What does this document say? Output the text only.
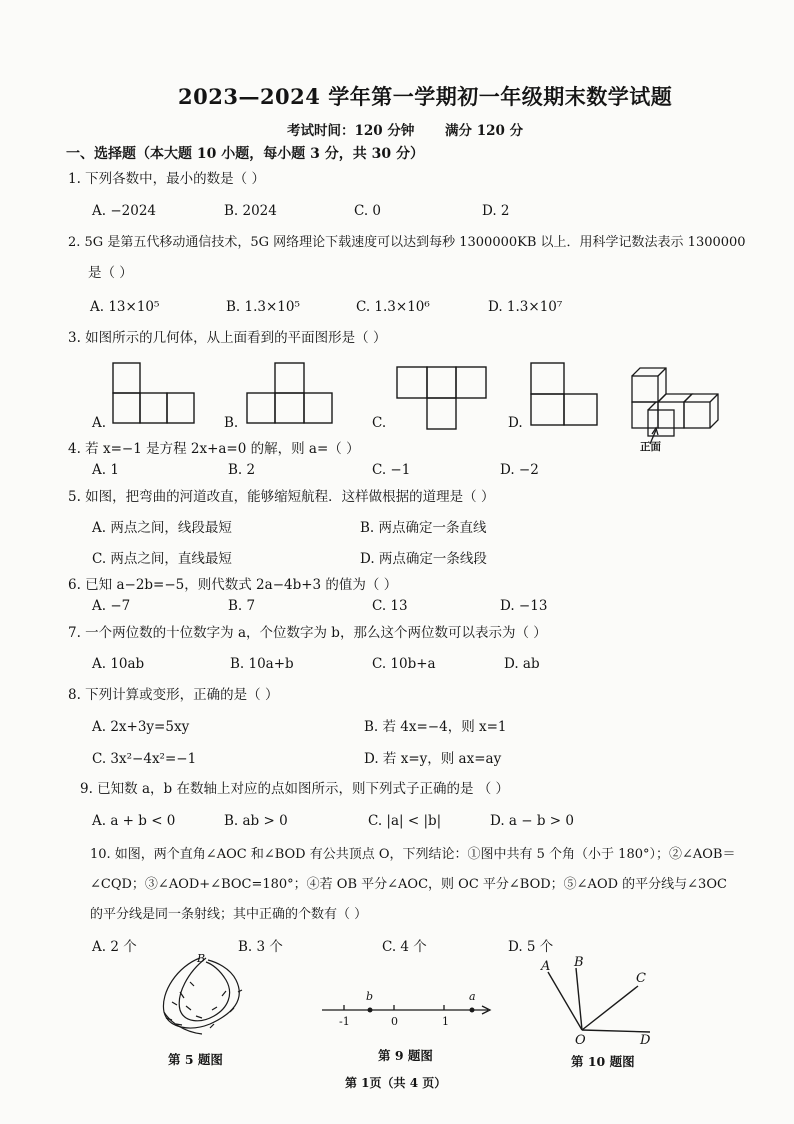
2023—2024 学年第一学期初一年级期末数学试题
考试时间：120 分钟 满分 120 分
一、选择题（本大题 10 小题，每小题 3 分，共 30 分）
1. 下列各数中，最小的数是（ ）
A. −2024	B. 2024	C. 0	D. 2
2. 5G 是第五代移动通信技术，5G 网络理论下载速度可以达到每秒 1300000KB 以上．用科学记数法表示 1300000
是（ ）
A. 13×10⁵	B. 1.3×10⁵	C. 1.3×10⁶	D. 1.3×10⁷
3. 如图所示的几何体，从上面看到的平面图形是（ ）
A.	B.	C.	D.
正面
4. 若 x=−1 是方程 2x+a=0 的解，则 a=（ ）
A. 1	B. 2	C. −1	D. −2
5. 如图，把弯曲的河道改直，能够缩短航程．这样做根据的道理是（ ）
A. 两点之间，线段最短	B. 两点确定一条直线
C. 两点之间，直线最短	D. 两点确定一条线段
6. 已知 a−2b=−5，则代数式 2a−4b+3 的值为（ ）
A. −7	B. 7	C. 13	D. −13
7. 一个两位数的十位数字为 a，个位数字为 b，那么这个两位数可以表示为（ ）
A. 10ab	B. 10a+b	C. 10b+a	D. ab
8. 下列计算或变形，正确的是（ ）
A. 2x+3y=5xy	B. 若 4x=−4，则 x=1
C. 3x²−4x²=−1	D. 若 x=y，则 ax=ay
9. 已知数 a，b 在数轴上对应的点如图所示，则下列式子正确的是 （ ）
A. a + b < 0	B. ab > 0	C. |a| < |b|	D. a − b > 0
10. 如图，两个直角∠AOC 和∠BOD 有公共顶点 O，下列结论：①图中共有 5 个角（小于 180°）；②∠AOB＝
∠CQD；③∠AOD+∠BOC=180°；④若 OB 平分∠AOC，则 OC 平分∠BOD；⑤∠AOD 的平分线与∠3OC
的平分线是同一条射线；其中正确的个数有（ ）
A. 2 个	B. 3 个	C. 4 个	D. 5 个
B
第 5 题图
b	a
-1	0	1
第 9 题图
A B
C
O	D
第 10 题图
第 1页（共 4 页）
